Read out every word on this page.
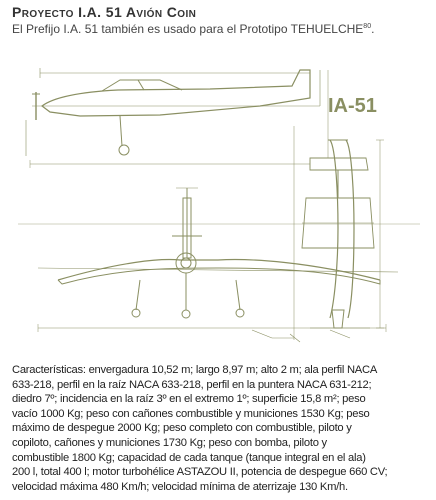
Proyecto I.A. 51 Avión Coin
El Prefijo I.A. 51 también es usado para el Prototipo TEHUELCHE$^{80}$.
IA-51
Características: envergadura 10,52 m; largo 8,97 m; alto 2 m; ala perfil NACA
633-218, perfil en la raíz NACA 633-218, perfil en la puntera NACA 631-212;
diedro 7º; incidencia en la raíz 3º en el extremo 1º; superficie 15,8 m²; peso
vacío 1000 Kg; peso con cañones combustible y municiones 1530 Kg; peso
máximo de despegue 2000 Kg; peso completo con combustible, piloto y
copiloto, cañones y municiones 1730 Kg; peso con bomba, piloto y
combustible 1800 Kg; capacidad de cada tanque (tanque integral en el ala)
200 l, total 400 l; motor turbohélice ASTAZOU II, potencia de despegue 660 CV;
velocidad máxima 480 Km/h; velocidad mínima de aterrizaje 130 Km/h.
